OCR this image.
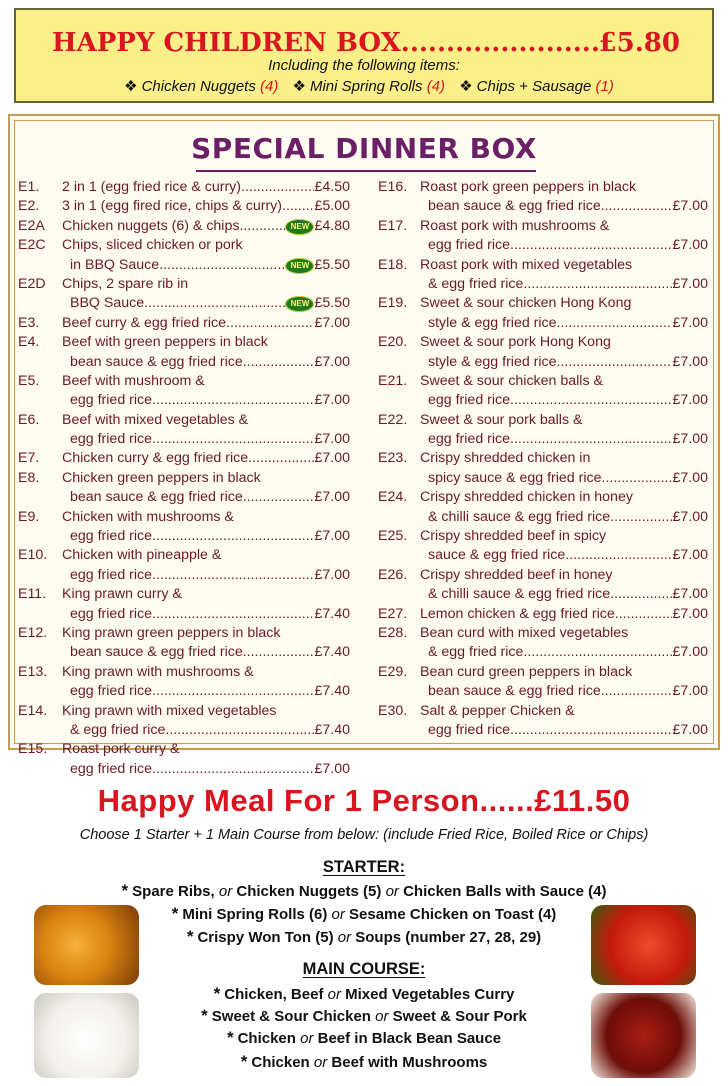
HAPPY CHILDREN BOX .....	£5.80
Including the following items:
❖ Chicken Nuggets (4) ❖ Mini Spring Rolls (4) ❖ Chips + Sausage (1)
SPECIAL DINNER BOX
E1.	2 in 1 (egg fried rice & curry) .....	£4.50
E2.	3 in 1 (egg fired rice, chips & curry) ..... £5.00
E2A	Chicken nuggets (6) & chips .....	NEW £4.80
E2C	Chips, sliced chicken or pork
in BBQ Sauce .....	NEW £5.50
E2D	Chips, 2 spare rib in
BBQ Sauce .....	NEW £5.50
E3.	Beef curry & egg fried rice .....	£7.00
E4.	Beef with green peppers in black
bean sauce & egg fried rice .....	£7.00
E5.	Beef with mushroom &
egg fried rice .....	£7.00
E6.	Beef with mixed vegetables &
egg fried rice .....	£7.00
E7.	Chicken curry & egg fried rice .....	£7.00
E8.	Chicken green peppers in black
bean sauce & egg fried rice .....	£7.00
E9.	Chicken with mushrooms &
egg fried rice .....	£7.00
E10.	Chicken with pineapple &
egg fried rice .....	£7.00
E11.	King prawn curry &
egg fried rice .....	£7.40
E12.	King prawn green peppers in black
bean sauce & egg fried rice .....	£7.40
E13.	King prawn with mushrooms &
egg fried rice .....	£7.40
E14.	King prawn with mixed vegetables
& egg fried rice .....	£7.40
E15.	Roast pork curry &
egg fried rice .....	£7.00
E16. Roast pork green peppers in black
bean sauce & egg fried rice .....	£7.00
E17. Roast pork with mushrooms &
egg fried rice .....	£7.00
E18. Roast pork with mixed vegetables
& egg fried rice .....	£7.00
E19. Sweet & sour chicken Hong Kong
style & egg fried rice .....	£7.00
E20. Sweet & sour pork Hong Kong
style & egg fried rice .....	£7.00
E21. Sweet & sour chicken balls &
egg fried rice .....	£7.00
E22. Sweet & sour pork balls &
egg fried rice .....	£7.00
E23. Crispy shredded chicken in
spicy sauce & egg fried rice .....	£7.00
E24. Crispy shredded chicken in honey
& chilli sauce & egg fried rice .....	£7.00
E25. Crispy shredded beef in spicy
sauce & egg fried rice .....	£7.00
E26. Crispy shredded beef in honey
& chilli sauce & egg fried rice .....	£7.00
E27. Lemon chicken & egg fried rice .....	£7.00
E28. Bean curd with mixed vegetables
& egg fried rice .....	£7.00
E29. Bean curd green peppers in black
bean sauce & egg fried rice .....	£7.00
E30. Salt & pepper Chicken &
egg fried rice .....	£7.00
Happy Meal For 1 Person......£11.50
Choose 1 Starter + 1 Main Course from below: (include Fried Rice, Boiled Rice or Chips)
STARTER:
* Spare Ribs, or Chicken Nuggets (5) or Chicken Balls with Sauce (4)
* Mini Spring Rolls (6) or Sesame Chicken on Toast (4)
* Crispy Won Ton (5) or Soups (number 27, 28, 29)
MAIN COURSE:
* Chicken, Beef or Mixed Vegetables Curry
* Sweet & Sour Chicken or Sweet & Sour Pork
* Chicken or Beef in Black Bean Sauce
* Chicken or Beef with Mushrooms
